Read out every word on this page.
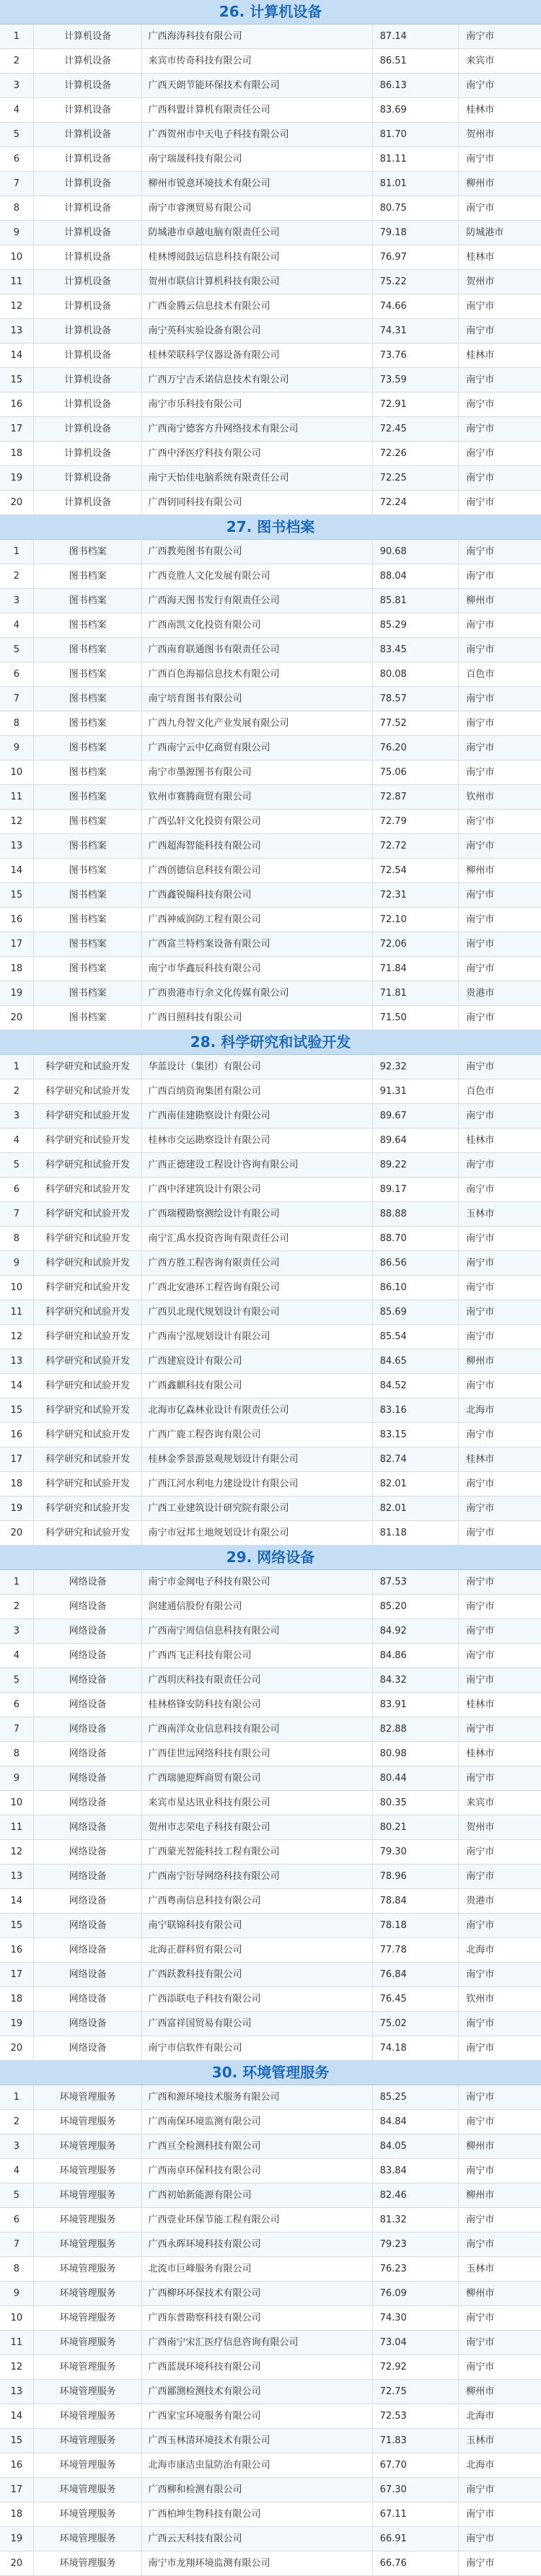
26. 计算机设备
1	计算机设备	广西海涛科技有限公司	87.14	南宁市
2	计算机设备	来宾市传奇科技有限公司	86.51	来宾市
3	计算机设备	广西天朗节能环保技术有限公司	86.13	南宁市
4	计算机设备	广西科盟计算机有限责任公司	83.69	桂林市
5	计算机设备	广西贺州市中天电子科技有限公司	81.70	贺州市
6	计算机设备	南宁瑞晟科技有限公司	81.11	南宁市
7	计算机设备	柳州市锐意环境技术有限公司	81.01	柳州市
8	计算机设备	南宁市睿澳贸易有限公司	80.75	南宁市
9	计算机设备	防城港市卓越电脑有限责任公司	79.18	防城港市
10	计算机设备	桂林博阅鼓运信息科技有限公司	76.97	桂林市
11	计算机设备	贺州市联信计算机科技有限公司	75.22	贺州市
12	计算机设备	广西金腾云信息技术有限公司	74.66	南宁市
13	计算机设备	南宁英科实验设备有限公司	74.31	南宁市
14	计算机设备	桂林荣联科学仪器设备有限公司	73.76	桂林市
15	计算机设备	广西万宁吉禾诺信息技术有限公司	73.59	南宁市
16	计算机设备	南宁市乐科技有限公司	72.91	南宁市
17	计算机设备	广西南宁德客方升网络技术有限公司	72.45	南宁市
18	计算机设备	广西中泽医疗科技有限公司	72.26	南宁市
19	计算机设备	南宁天怡佳电脑系统有限责任公司	72.25	南宁市
20	计算机设备	广西钥同科技有限公司	72.24	南宁市
27. 图书档案
1	图书档案	广西教苑图书有限公司	90.68	南宁市
2	图书档案	广西竞胜人文化发展有限公司	88.04	南宁市
3	图书档案	广西海天图书发行有限责任公司	85.81	柳州市
4	图书档案	广西南凯文化投资有限公司	85.29	南宁市
5	图书档案	广西南育联通图书有限责任公司	83.45	南宁市
6	图书档案	广西百色海福信息技术有限公司	80.08	百色市
7	图书档案	南宁培育图书有限公司	78.57	南宁市
8	图书档案	广西九舟智文化产业发展有限公司	77.52	南宁市
9	图书档案	广西南宁云中亿商贸有限公司	76.20	南宁市
10	图书档案	南宁市墨源图书有限公司	75.06	南宁市
11	图书档案	钦州市赛腾商贸有限公司	72.87	钦州市
12	图书档案	广西弘轩文化投资有限公司	72.79	南宁市
13	图书档案	广西超海智能科技有限公司	72.72	南宁市
14	图书档案	广西创德信息科技有限公司	72.54	柳州市
15	图书档案	广西鑫锐翰科技有限公司	72.31	南宁市
16	图书档案	广西神威润防工程有限公司	72.10	南宁市
17	图书档案	广西富兰特档案设备有限公司	72.06	南宁市
18	图书档案	南宁市华鑫辰科技有限公司	71.84	南宁市
19	图书档案	广西贵港市行余文化传媒有限公司	71.81	贵港市
20	图书档案	广西日照科技有限公司	71.50	南宁市
28. 科学研究和试验开发
1	科学研究和试验开发	华蓝设计（集团）有限公司	92.32	南宁市
2	科学研究和试验开发	广西百纳资询集团有限公司	91.31	百色市
3	科学研究和试验开发	广西南佳建勘察设计有限公司	89.67	南宁市
4	科学研究和试验开发	桂林市交运勘察设计有限公司	89.64	桂林市
5	科学研究和试验开发	广西正德建设工程设计咨询有限公司	89.22	南宁市
6	科学研究和试验开发	广西中泽建筑设计有限公司	89.17	南宁市
7	科学研究和试验开发	广西瑞稷勘察测绘设计有限公司	88.88	玉林市
8	科学研究和试验开发	南宁汇禹水投资咨询有限责任公司	88.70	南宁市
9	科学研究和试验开发	广西方胜工程咨询有限责任公司	86.56	南宁市
10	科学研究和试验开发	广西北安港环工程咨询有限公司	86.10	南宁市
11	科学研究和试验开发	广西贝北现代规划设计有限公司	85.69	南宁市
12	科学研究和试验开发	广西南宁泓规划设计有限公司	85.54	南宁市
13	科学研究和试验开发	广西建宸设计有限公司	84.65	柳州市
14	科学研究和试验开发	广西鑫麒科技有限公司	84.52	南宁市
15	科学研究和试验开发	北海市亿森林业设计有限责任公司	83.16	北海市
16	科学研究和试验开发	广西广鹿工程咨询有限公司	83.15	南宁市
17	科学研究和试验开发	桂林金季景游景观规划设计有限公司	82.74	桂林市
18	科学研究和试验开发	广西江河水利电力建设设计有限公司	82.01	南宁市
19	科学研究和试验开发	广西工业建筑设计研究院有限公司	82.01	南宁市
20	科学研究和试验开发	南宁市冠邦土地规划设计有限公司	81.18	南宁市
29. 网络设备
1	网络设备	南宁市金闽电子科技有限公司	87.53	南宁市
2	网络设备	润建通信股份有限公司	85.20	南宁市
3	网络设备	广西南宁周信信息科技有限公司	84.92	南宁市
4	网络设备	广西西飞正科技有限公司	84.86	南宁市
5	网络设备	广西玥庆科技有限责任公司	84.32	南宁市
6	网络设备	桂林格锋安防科技有限公司	83.91	桂林市
7	网络设备	广西南洋众业信息科技有限公司	82.88	南宁市
8	网络设备	广西佳世远网络科技有限公司	80.98	桂林市
9	网络设备	广西瑞驰迎辉商贸有限公司	80.44	南宁市
10	网络设备	来宾市星达讯业科技有限公司	80.35	来宾市
11	网络设备	贺州市志荣电子科技有限公司	80.21	贺州市
12	网络设备	广西蒙光智能科技工程有限公司	79.30	南宁市
13	网络设备	广西南宁衍导网络科技有限公司	78.96	南宁市
14	网络设备	广西粤南信息科技有限公司	78.84	贵港市
15	网络设备	南宁联锦科技有限公司	78.18	南宁市
16	网络设备	北海正群科贸有限公司	77.78	北海市
17	网络设备	广西跃教科技有限公司	76.84	南宁市
18	网络设备	广西添联电子科技有限公司	76.45	钦州市
19	网络设备	广西富祥国贸易有限公司	75.02	南宁市
20	网络设备	南宁市信软件有限公司	74.18	南宁市
30. 环境管理服务
1	环境管理服务	广西和源环境技术服务有限公司	85.25	南宁市
2	环境管理服务	广西南保环境监测有限公司	84.84	南宁市
3	环境管理服务	广西亘全检测科技有限公司	84.05	柳州市
4	环境管理服务	广西南卓环保科技有限公司	83.84	南宁市
5	环境管理服务	广西初始新能源有限公司	82.46	柳州市
6	环境管理服务	广西壹业环保节能工程有限公司	81.32	南宁市
7	环境管理服务	广西永晖环境科技有限公司	79.23	南宁市
8	环境管理服务	北流市巨峰服务有限公司	76.23	玉林市
9	环境管理服务	广西柳环环保技术有限公司	76.09	柳州市
10	环境管理服务	广西东普勘察科技有限公司	74.30	南宁市
11	环境管理服务	广西南宁宋汇医疗信息咨询有限公司	73.04	南宁市
12	环境管理服务	广西蓝晟环境科技有限公司	72.92	南宁市
13	环境管理服务	广西鄙测检测技术有限公司	72.75	柳州市
14	环境管理服务	广西家宝环境服务有限公司	72.53	北海市
15	环境管理服务	广西玉林清环境技术有限公司	71.83	玉林市
16	环境管理服务	北海市康洁虫鼠防治有限公司	67.70	北海市
17	环境管理服务	广西柳和检测有限公司	67.30	南宁市
18	环境管理服务	广西柏坤生物科技有限公司	67.11	南宁市
19	环境管理服务	广西云天科技有限公司	66.91	南宁市
20	环境管理服务	南宁市龙翔环境监测有限公司	66.76	南宁市
